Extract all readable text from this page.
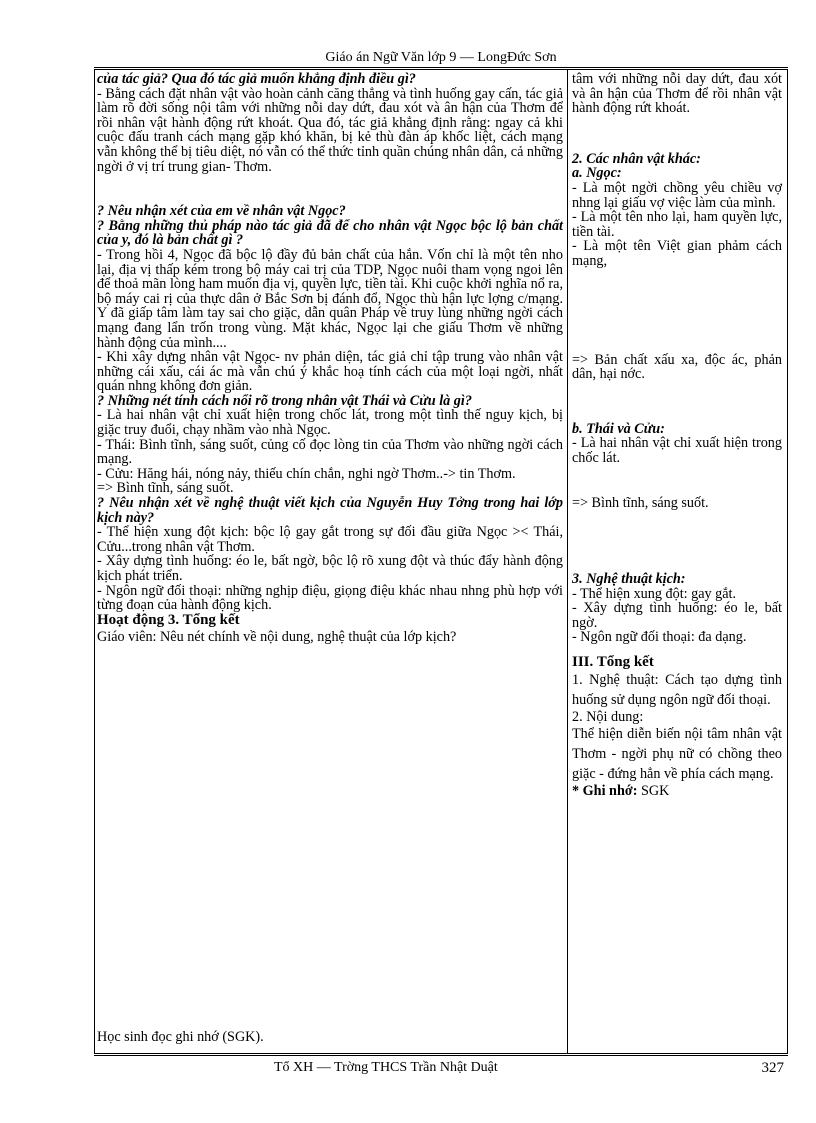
Giáo án Ngữ Văn lớp 9 — LongĐức Sơn

của tác giả? Qua đó tác giả muốn khẳng định điều gì?

- Bằng cách đặt nhân vật vào hoàn cảnh căng thẳng và tình huống gay cấn, tác giả làm rõ đời sống nội tâm với những nỗi day dứt, đau xót và ân hận của Thơm để rồi nhân vật hành động rứt khoát. Qua đó, tác giả khẳng định rằng: ngay cả khi cuộc đấu tranh cách mạng gặp khó khăn, bị kẻ thù đàn áp khốc liệt, cách mạng vẫn không thể bị tiêu diệt, nó vẫn có thể thức tỉnh quần chúng nhân dân, cả những ngời ở vị trí trung gian- Thơm.

? Nêu nhận xét của em về nhân vật Ngọc?

? Bằng những thủ pháp nào tác giả đã để cho nhân vật Ngọc bộc lộ bản chất của y, đó là bản chất gì ?

- Trong hồi 4, Ngọc đã bộc lộ đầy đủ bản chất của hắn. Vốn chỉ là một tên nho lại, địa vị thấp kém trong bộ máy cai trị của TDP, Ngọc nuôi tham vọng ngoi lên để thoả mãn lòng ham muốn địa vị, quyền lực, tiền tài. Khi cuộc khởi nghĩa nổ ra, bộ máy cai rị của thực dân ở Bắc Sơn bị đánh đổ, Ngọc thù hận lực lợng c/mạng. Y đã giấp tâm làm tay sai cho giặc, dẫn quân Pháp về truy lùng những ngời cách mạng đang lẩn trốn trong vùng. Mặt khác, Ngọc lại che giấu Thơm về những hành động của mình....

- Khi xây dựng nhân vật Ngọc- nv phản diện, tác giả chỉ tập trung vào nhân vật những cái xấu, cái ác mà vẫn chú ý khắc hoạ tính cách của một loại ngời, nhất quán nhng không đơn giản.

? Những nét tính cách nổi rõ trong nhân vật Thái và Cửu là gì?

- Là hai nhân vật chỉ xuất hiện trong chốc lát, trong một tình thế nguy kịch, bị giặc truy đuổi, chạy nhầm vào nhà Ngọc.

- Thái: Bình tĩnh, sáng suốt, củng cố đọc lòng tin của Thơm vào những ngời cách mạng.

- Cửu: Hăng hái, nóng nảy, thiếu chín chắn, nghi ngờ Thơm..-> tin Thơm.

=> Bình tĩnh, sáng suốt.

? Nêu nhận xét về nghệ thuật viết kịch của Nguyễn Huy Tởng trong hai lớp kịch này?

- Thể hiện xung đột kịch: bộc lộ gay gắt trong sự đối đầu giữa Ngọc >< Thái, Cửu...trong nhân vật Thơm.

- Xây dựng tình huống: éo le, bất ngờ, bộc lộ rõ xung đột và thúc đẩy hành động kịch phát triển.

- Ngôn ngữ đối thoại: những nghịp điệu, giọng điệu khác nhau nhng phù hợp với từng đoạn của hành động kịch.

Hoạt động 3. Tổng kết

Giáo viên: Nêu nét chính về nội dung, nghệ thuật của lớp kịch?

Học sinh đọc ghi nhớ (SGK).

tâm với những nỗi day dứt, đau xót và ân hận của Thơm để rồi nhân vật hành động rứt khoát.

2. Các nhân vật khác:

a. Ngọc:

- Là một ngời chồng yêu chiều vợ nhng lại giấu vợ việc làm của mình.

- Là một tên nho lại, ham quyền lực, tiền tài.

- Là một tên Việt gian phảm cách mạng,

=> Bản chất xấu xa, độc ác, phản dân, hại nớc.

b. Thái và Cửu:

- Là hai nhân vật chỉ xuất hiện trong chốc lát.

=> Bình tĩnh, sáng suốt.

3. Nghệ thuật kịch:

- Thể hiện xung đột: gay gắt.

- Xây dựng tình huống: éo le, bất ngờ.

- Ngôn ngữ đối thoại: đa dạng.

III. Tổng kết

1. Nghệ thuật: Cách tạo dựng tình huống sử dụng ngôn ngữ đối thoại.

2. Nội dung:

Thể hiện diễn biến nội tâm nhân vật Thơm - ngời phụ nữ có chồng theo giặc - đứng hẳn về phía cách mạng.

* Ghi nhớ: SGK

Tổ XH — Trờng THCS Trần Nhật Duật	327
